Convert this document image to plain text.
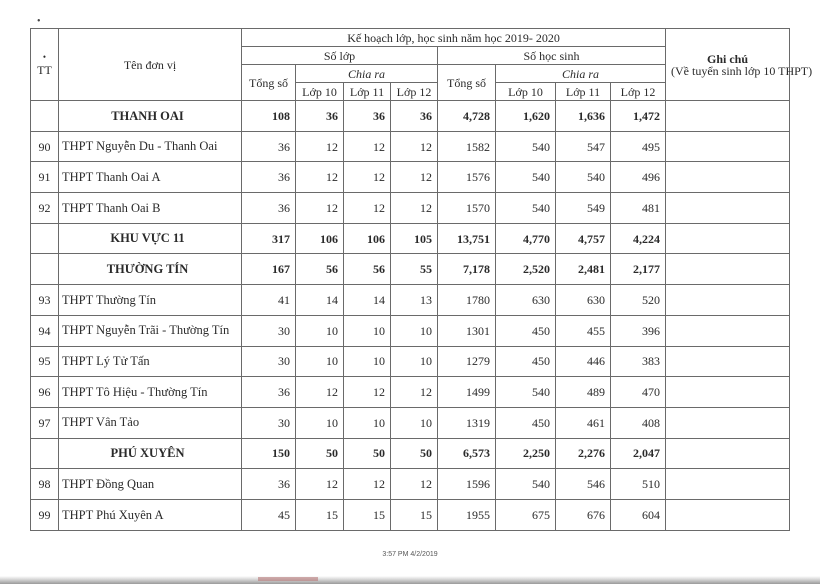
•
•
TT	Tên đơn vị	Kế hoạch lớp, học sinh năm học 2019- 2020								Ghi chú
(Về tuyển sinh lớp 10 THPT)
		Số lớp				Số học sinh				
		Tổng số	Chia ra			Tổng số	Chia ra			
			Lớp 10	Lớp 11	Lớp 12		Lớp 10	Lớp 11	Lớp 12	
	THANH OAI	108	36	36	36	4,728	1,620	1,636	1,472	
90	THPT Nguyễn Du - Thanh Oai	36	12	12	12	1582	540	547	495	
91	THPT Thanh Oai A	36	12	12	12	1576	540	540	496	
92	THPT Thanh Oai B	36	12	12	12	1570	540	549	481	
	KHU VỰC 11	317	106	106	105	13,751	4,770	4,757	4,224	
	THƯỜNG TÍN	167	56	56	55	7,178	2,520	2,481	2,177	
93	THPT Thường Tín	41	14	14	13	1780	630	630	520	
94	THPT Nguyễn Trãi - Thường Tín	30	10	10	10	1301	450	455	396	
95	THPT Lý Tử Tấn	30	10	10	10	1279	450	446	383	
96	THPT Tô Hiệu - Thường Tín	36	12	12	12	1499	540	489	470	
97	THPT Vân Tảo	30	10	10	10	1319	450	461	408	
	PHÚ XUYÊN	150	50	50	50	6,573	2,250	2,276	2,047	
98	THPT Đồng Quan	36	12	12	12	1596	540	546	510	
99	THPT Phú Xuyên A	45	15	15	15	1955	675	676	604	
3:57 PM 4/2/2019
